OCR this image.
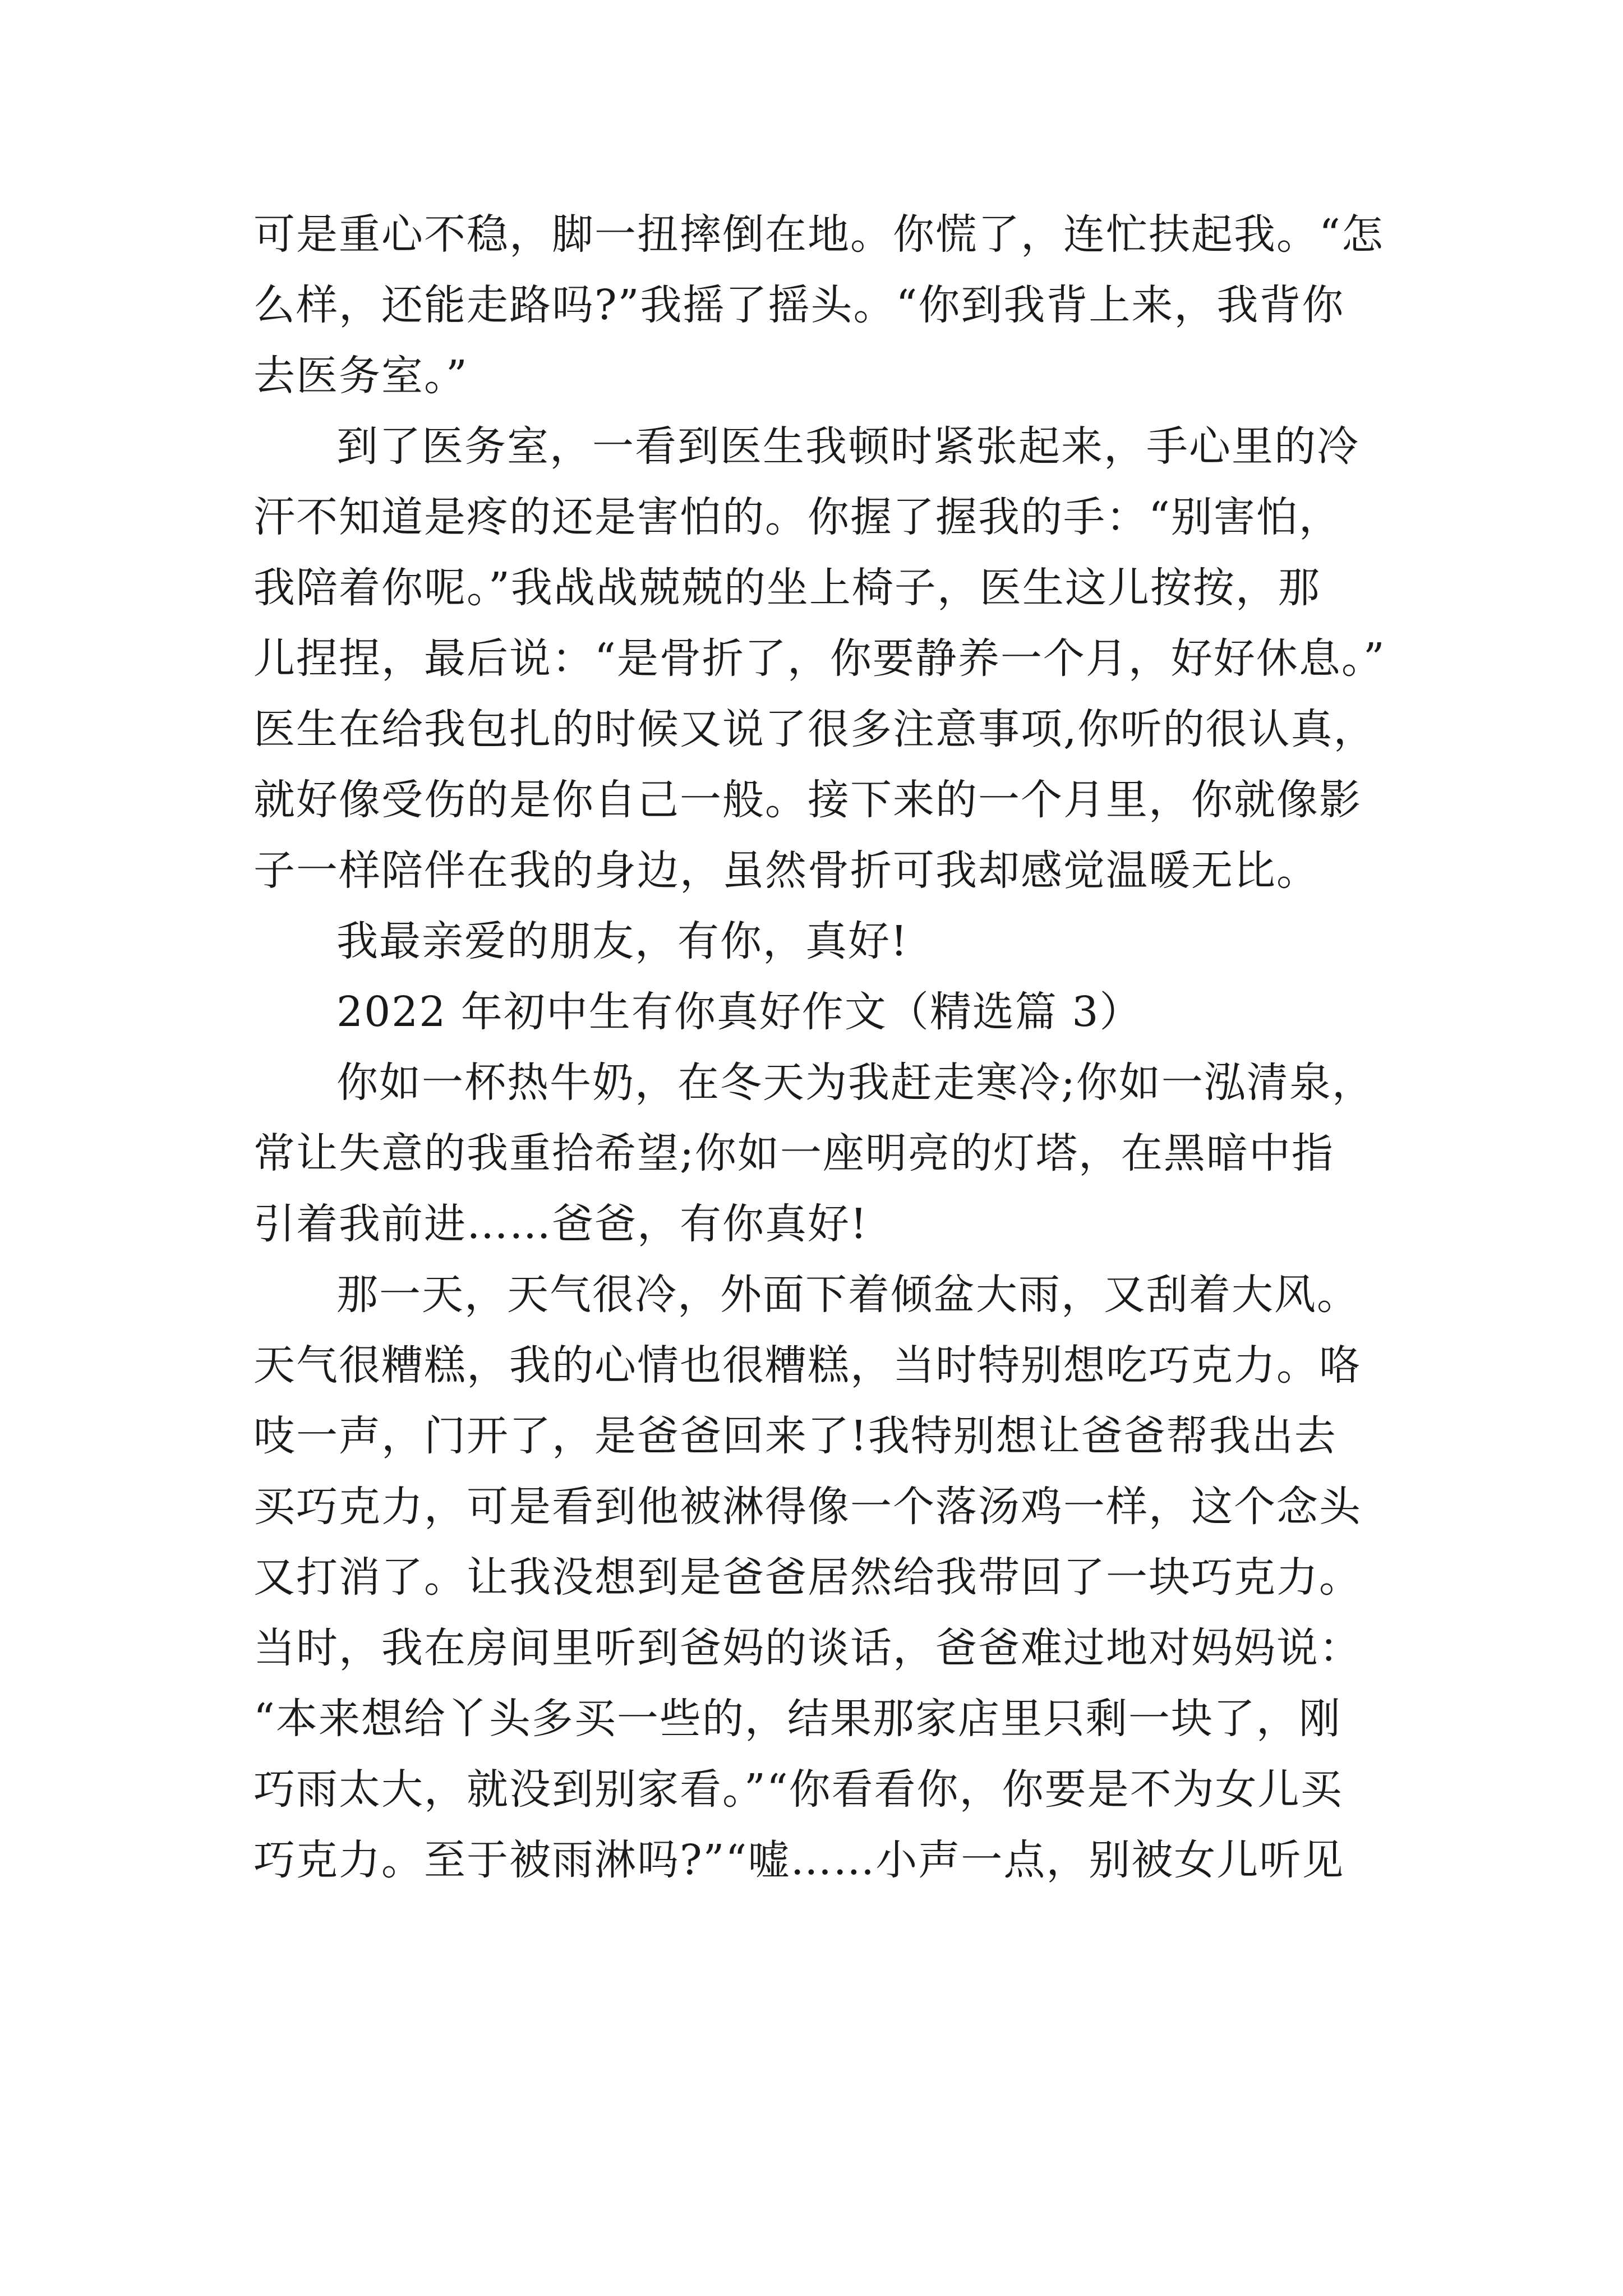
可是重心不稳，脚一扭摔倒在地。你慌了，连忙扶起我。“怎
么样，还能走路吗?”我摇了摇头。“你到我背上来，我背你
去医务室。”
到了医务室，一看到医生我顿时紧张起来，手心里的冷
汗不知道是疼的还是害怕的。你握了握我的手：“别害怕，
我陪着你呢。”我战战兢兢的坐上椅子，医生这儿按按，那
儿捏捏，最后说：“是骨折了，你要静养一个月，好好休息。”
医生在给我包扎的时候又说了很多注意事项,你听的很认真，
就好像受伤的是你自己一般。接下来的一个月里，你就像影
子一样陪伴在我的身边，虽然骨折可我却感觉温暖无比。
我最亲爱的朋友，有你，真好!
2022 年初中生有你真好作文（精选篇 3）
你如一杯热牛奶，在冬天为我赶走寒冷;你如一泓清泉，
常让失意的我重拾希望;你如一座明亮的灯塔，在黑暗中指
引着我前进……爸爸，有你真好!
那一天，天气很冷，外面下着倾盆大雨，又刮着大风。
天气很糟糕，我的心情也很糟糕，当时特别想吃巧克力。咯
吱一声，门开了，是爸爸回来了!我特别想让爸爸帮我出去
买巧克力，可是看到他被淋得像一个落汤鸡一样，这个念头
又打消了。让我没想到是爸爸居然给我带回了一块巧克力。
当时，我在房间里听到爸妈的谈话，爸爸难过地对妈妈说：
“本来想给丫头多买一些的，结果那家店里只剩一块了，刚
巧雨太大，就没到别家看。”“你看看你，你要是不为女儿买
巧克力。至于被雨淋吗?”“嘘……小声一点，别被女儿听见
